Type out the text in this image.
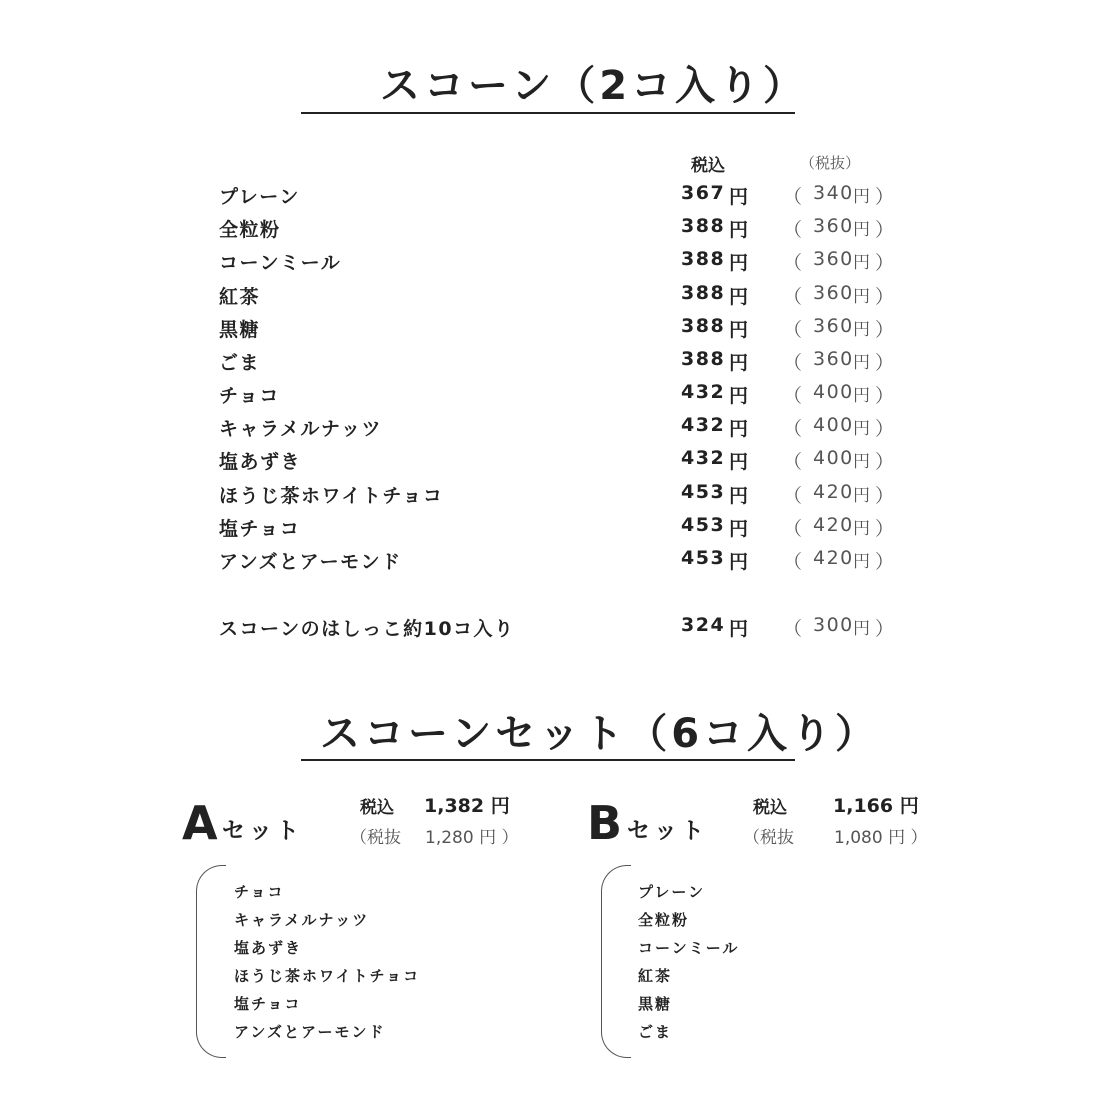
スコーン（2コ入り）
税込	（税抜）
プレーン	367 円 （ 340 円 ）
全粒粉	388 円 （ 360 円 ）
コーンミール	388 円 （ 360 円 ）
紅茶	388 円 （ 360 円 ）
黒糖	388 円 （ 360 円 ）
ごま	388 円 （ 360 円 ）
チョコ	432 円 （ 400 円 ）
キャラメルナッツ	432 円 （ 400 円 ）
塩あずき	432 円 （ 400 円 ）
ほうじ茶ホワイトチョコ	453 円 （ 420 円 ）
塩チョコ	453 円 （ 420 円 ）
アンズとアーモンド	453 円 （ 420 円 ）
スコーンのはしっこ約10コ入り	324 円 （ 300 円 ）
スコーンセット（6コ入り）
A セット
税込 1,382 円
（税抜 1,280 円 ）
チョコ
キャラメルナッツ
塩あずき
ほうじ茶ホワイトチョコ
塩チョコ
アンズとアーモンド
B セット
税込 1,166 円
（税抜 1,080 円 ）
プレーン
全粒粉
コーンミール
紅茶
黒糖
ごま
